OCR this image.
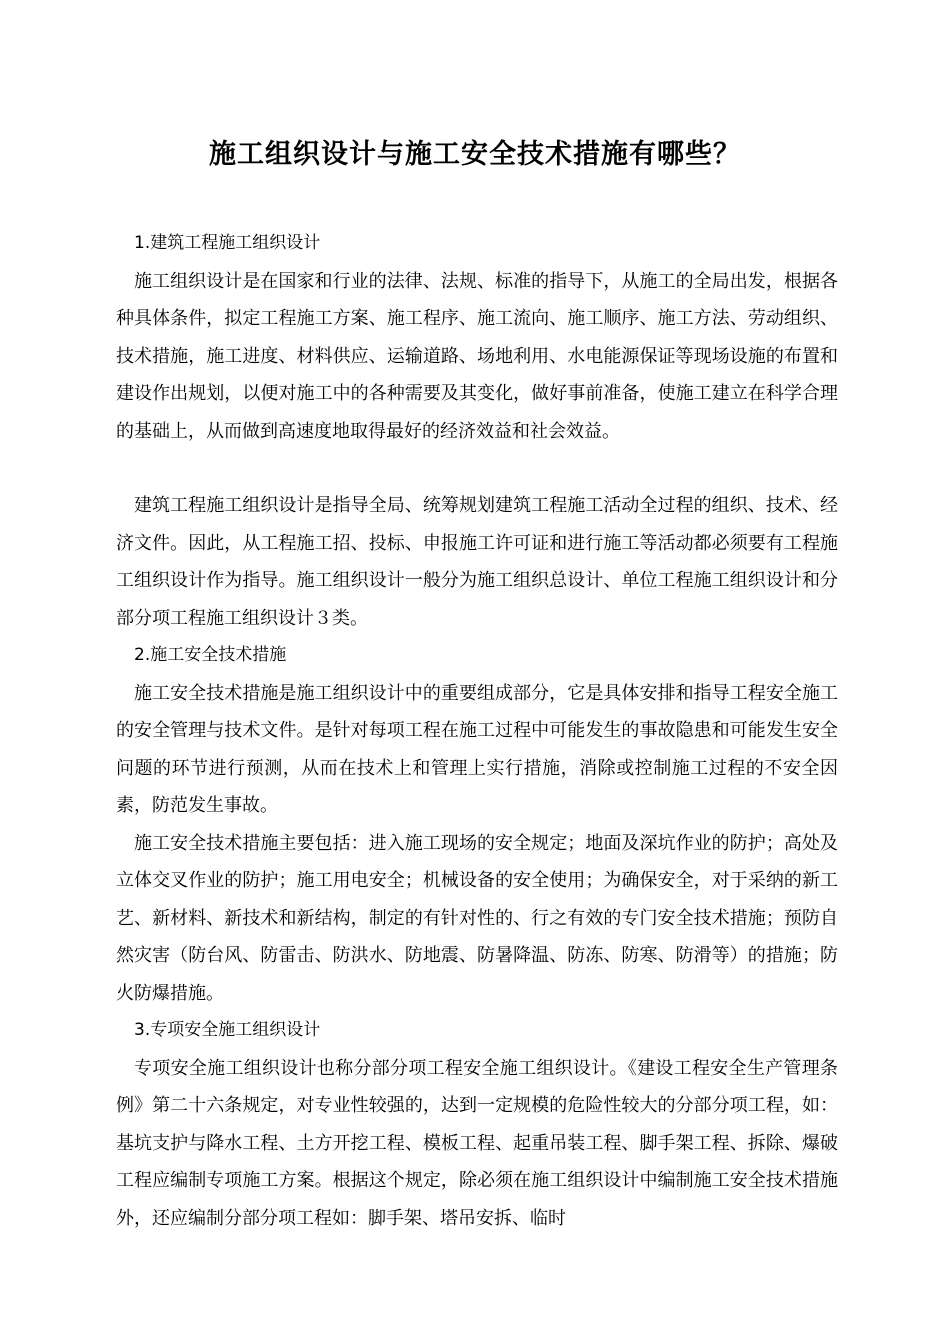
施工组织设计与施工安全技术措施有哪些？

1.建筑工程施工组织设计

施工组织设计是在国家和行业的法律、法规、标准的指导下，从施工的全局出发，根据各种具体条件，拟定工程施工方案、施工程序、施工流向、施工顺序、施工方法、劳动组织、技术措施，施工进度、材料供应、运输道路、场地利用、水电能源保证等现场设施的布置和建设作出规划，以便对施工中的各种需要及其变化，做好事前准备，使施工建立在科学合理的基础上，从而做到高速度地取得最好的经济效益和社会效益。

建筑工程施工组织设计是指导全局、统筹规划建筑工程施工活动全过程的组织、技术、经济文件。因此，从工程施工招、投标、申报施工许可证和进行施工等活动都必须要有工程施工组织设计作为指导。施工组织设计一般分为施工组织总设计、单位工程施工组织设计和分部分项工程施工组织设计３类。

2.施工安全技术措施

施工安全技术措施是施工组织设计中的重要组成部分，它是具体安排和指导工程安全施工的安全管理与技术文件。是针对每项工程在施工过程中可能发生的事故隐患和可能发生安全问题的环节进行预测，从而在技术上和管理上实行措施，消除或控制施工过程的不安全因素，防范发生事故。

施工安全技术措施主要包括：进入施工现场的安全规定；地面及深坑作业的防护；高处及立体交叉作业的防护；施工用电安全；机械设备的安全使用；为确保安全，对于采纳的新工艺、新材料、新技术和新结构，制定的有针对性的、行之有效的专门安全技术措施；预防自然灾害（防台风、防雷击、防洪水、防地震、防暑降温、防冻、防寒、防滑等）的措施；防火防爆措施。

3.专项安全施工组织设计

专项安全施工组织设计也称分部分项工程安全施工组织设计。《建设工程安全生产管理条例》第二十六条规定，对专业性较强的，达到一定规模的危险性较大的分部分项工程，如：基坑支护与降水工程、土方开挖工程、模板工程、起重吊装工程、脚手架工程、拆除、爆破工程应编制专项施工方案。根据这个规定，除必须在施工组织设计中编制施工安全技术措施外，还应编制分部分项工程如：脚手架、塔吊安拆、临时
